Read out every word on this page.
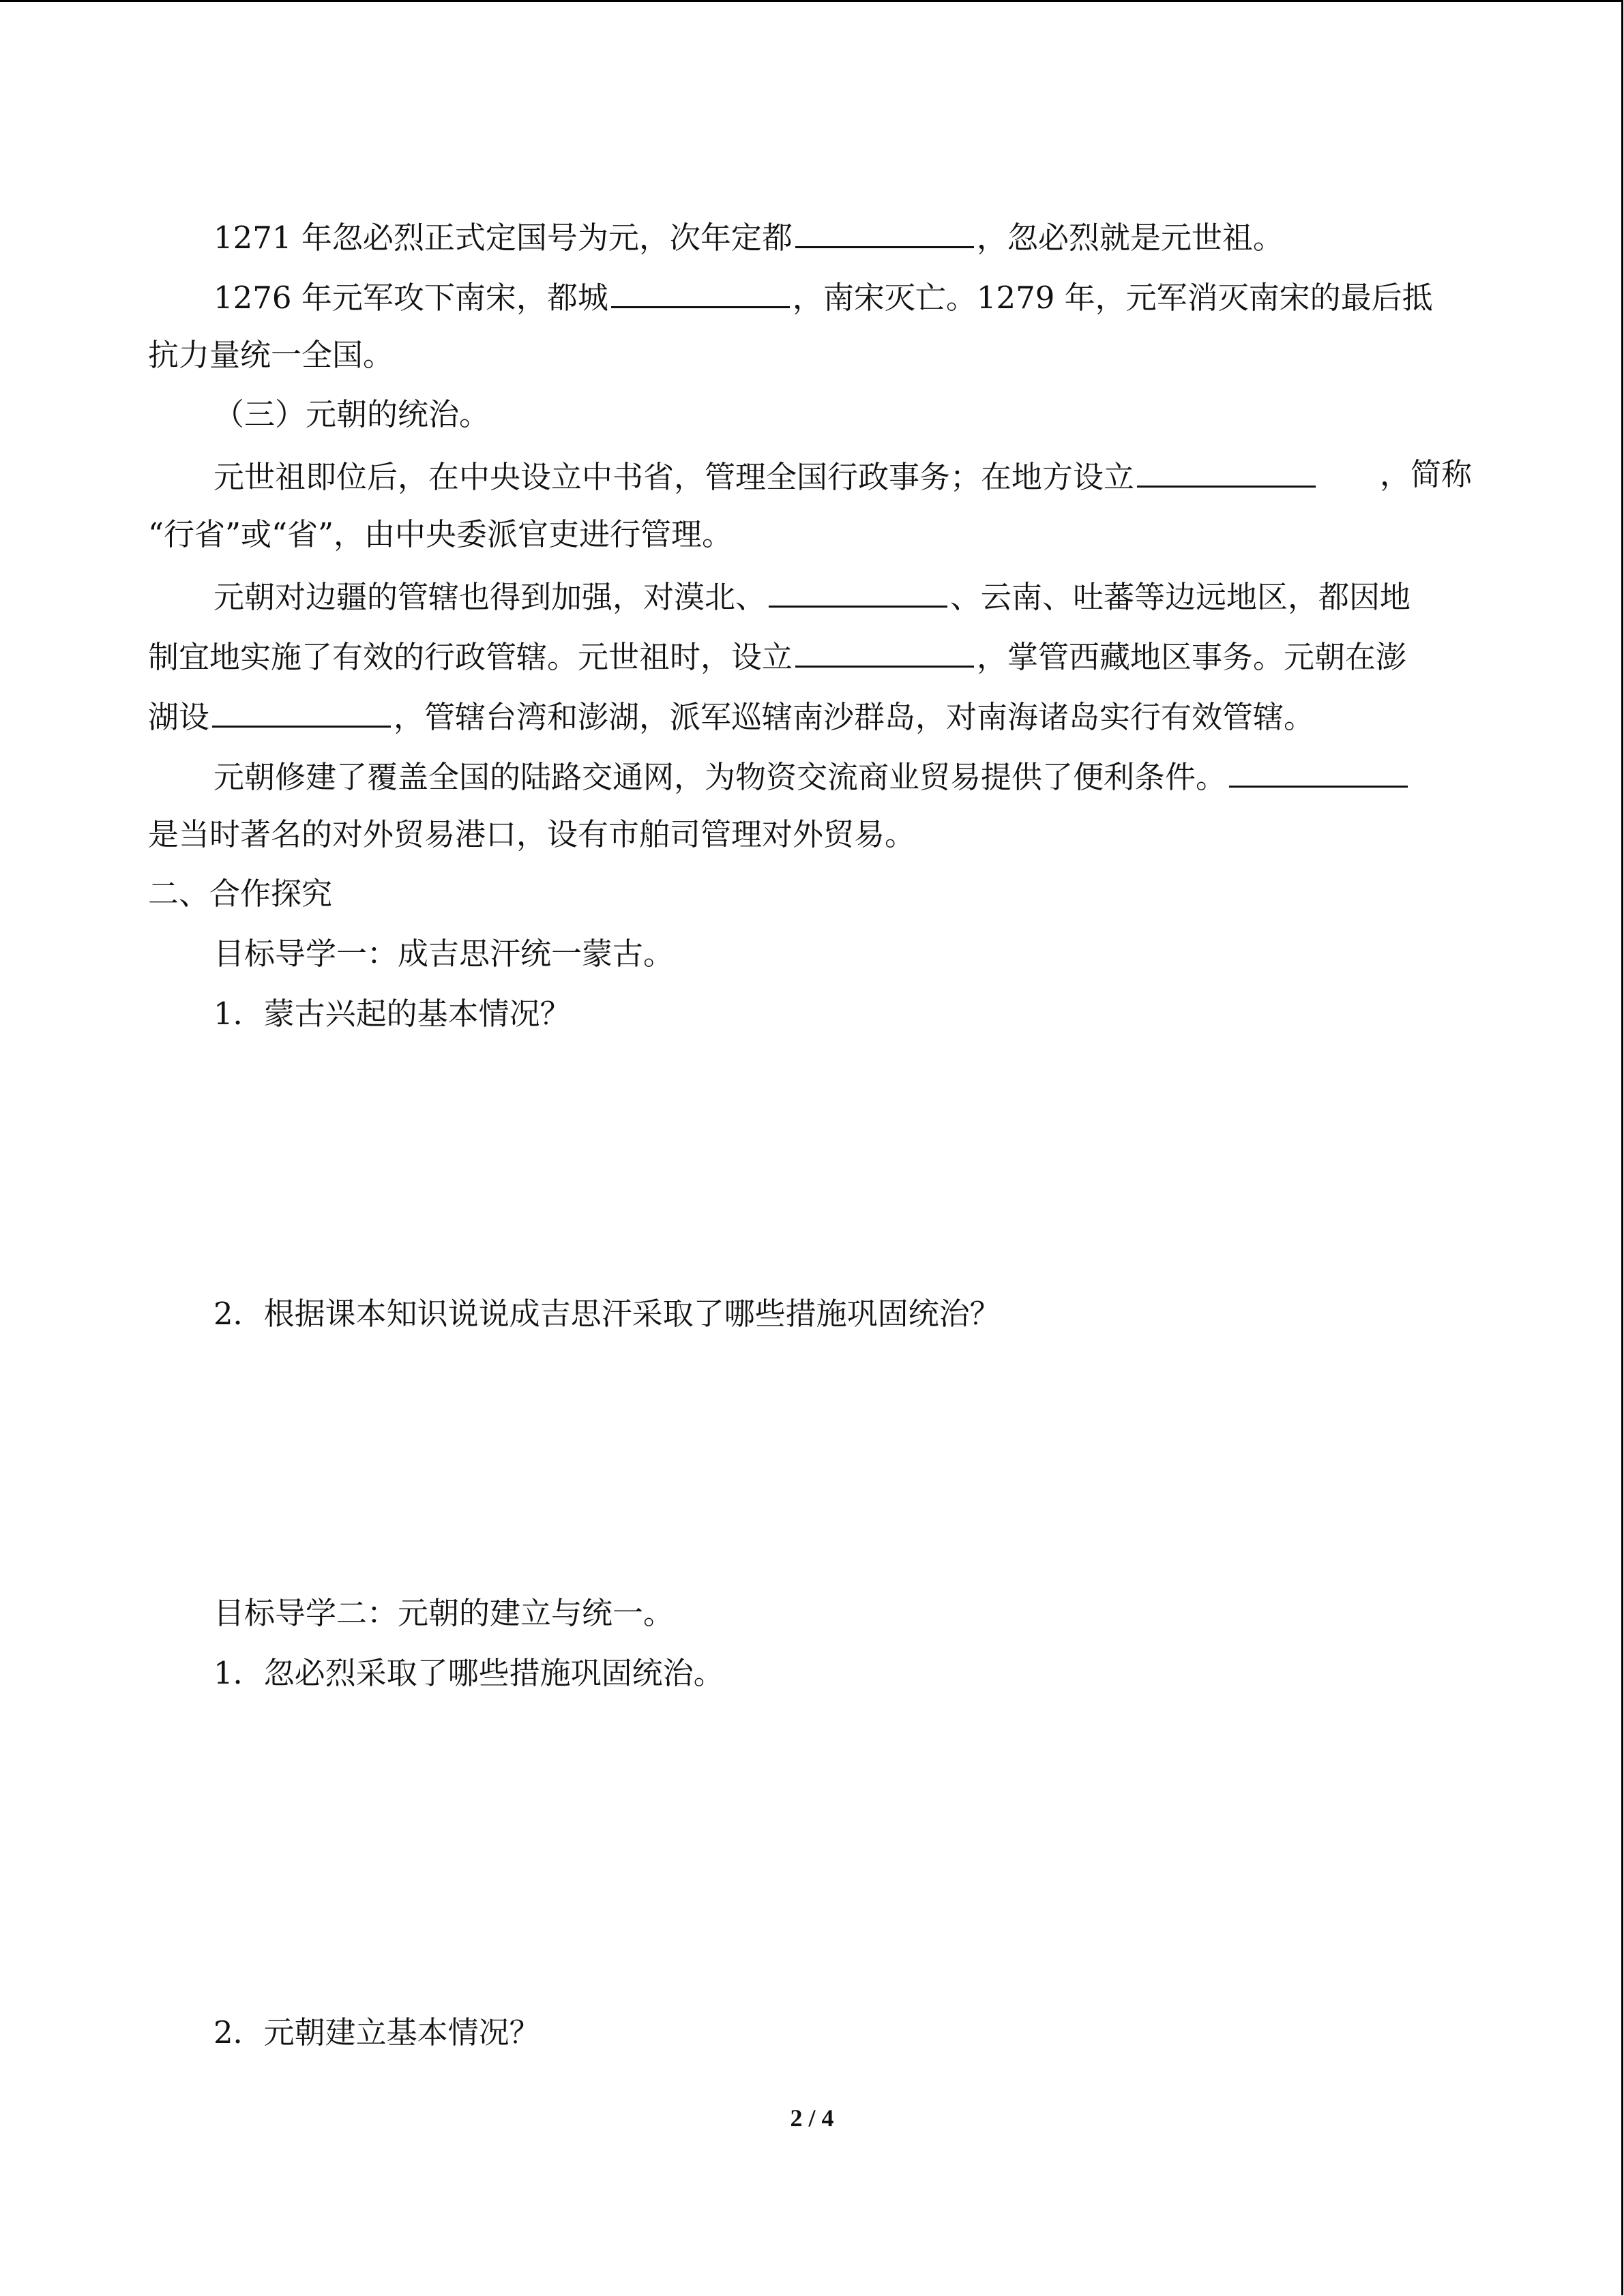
1271 年忽必烈正式定国号为元，次年定都	，忽必烈就是元世祖。
1276 年元军攻下南宋，都城	，南宋灭亡。1279 年，元军消灭南宋的最后抵
抗力量统一全国。
（三）元朝的统治。
元世祖即位后，在中央设立中书省，管理全国行政事务；在地方设立	，简称
“行省”或“省”，由中央委派官吏进行管理。
元朝对边疆的管辖也得到加强，对漠北、	、云南、吐蕃等边远地区，都因地
制宜地实施了有效的行政管辖。元世祖时，设立	，掌管西藏地区事务。元朝在澎
湖设	，管辖台湾和澎湖，派军巡辖南沙群岛，对南海诸岛实行有效管辖。
元朝修建了覆盖全国的陆路交通网，为物资交流商业贸易提供了便利条件。
是当时著名的对外贸易港口，设有市舶司管理对外贸易。
二、合作探究
目标导学一：成吉思汗统一蒙古。
1．蒙古兴起的基本情况？
2．根据课本知识说说成吉思汗采取了哪些措施巩固统治？
目标导学二：元朝的建立与统一。
1．忽必烈采取了哪些措施巩固统治。
2．元朝建立基本情况？
2 / 4
